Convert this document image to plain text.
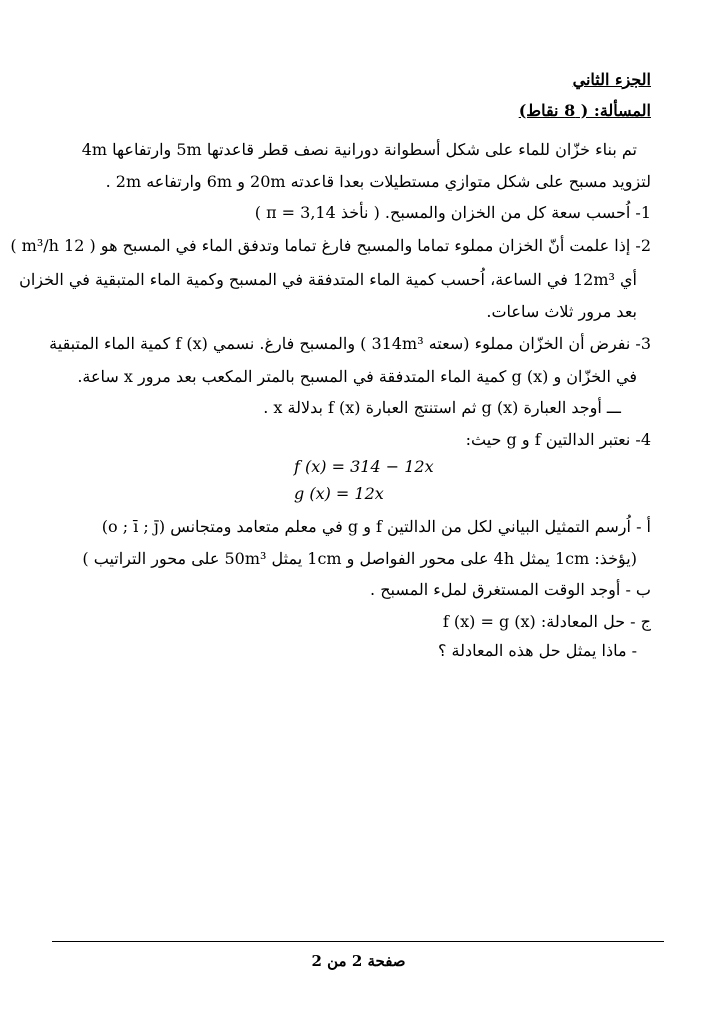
الجزء الثاني
المسألة: ( 8 نقاط)
تم بناء خزّان للماء على شكل أسطوانة دورانية نصف قطر قاعدتها 5m وارتفاعها 4m
لتزويد مسبح على شكل متوازي مستطيلات بعدا قاعدته 20m و 6m وارتفاعه 2m .
1- اُحسب سعة كل من الخزان والمسبح. ( نأخذ π = 3,14 )
2- إذا علمت أنّ الخزان مملوء تماما والمسبح فارغ تماما وتدفق الماء في المسبح هو ( 12 m³/h )
أي 12m³ في الساعة، اُحسب كمية الماء المتدفقة في المسبح وكمية الماء المتبقية في الخزان
بعد مرور ثلاث ساعات.
3- نفرض أن الخزّان مملوء (سعته 314m³ ) والمسبح فارغ. نسمي f (x) كمية الماء المتبقية
في الخزّان و g (x) كمية الماء المتدفقة في المسبح بالمتر المكعب بعد مرور x ساعة.
ـــ أوجد العبارة g (x) ثم استنتج العبارة f (x) بدلالة x .
4- نعتبر الدالتين f و g حيث:
f (x) = 314 − 12x
g (x) = 12x
أ - اُرسم التمثيل البياني لكل من الدالتين f و g في معلم متعامد ومتجانس (o ; ī ; j̄)
(يؤخذ: 1cm يمثل 4h على محور الفواصل و 1cm يمثل 50m³ على محور التراتيب )
ب - أوجد الوقت المستغرق لملء المسبح .
ج - حل المعادلة: f (x) = g (x)
- ماذا يمثل حل هذه المعادلة ؟
صفحة 2 من 2
